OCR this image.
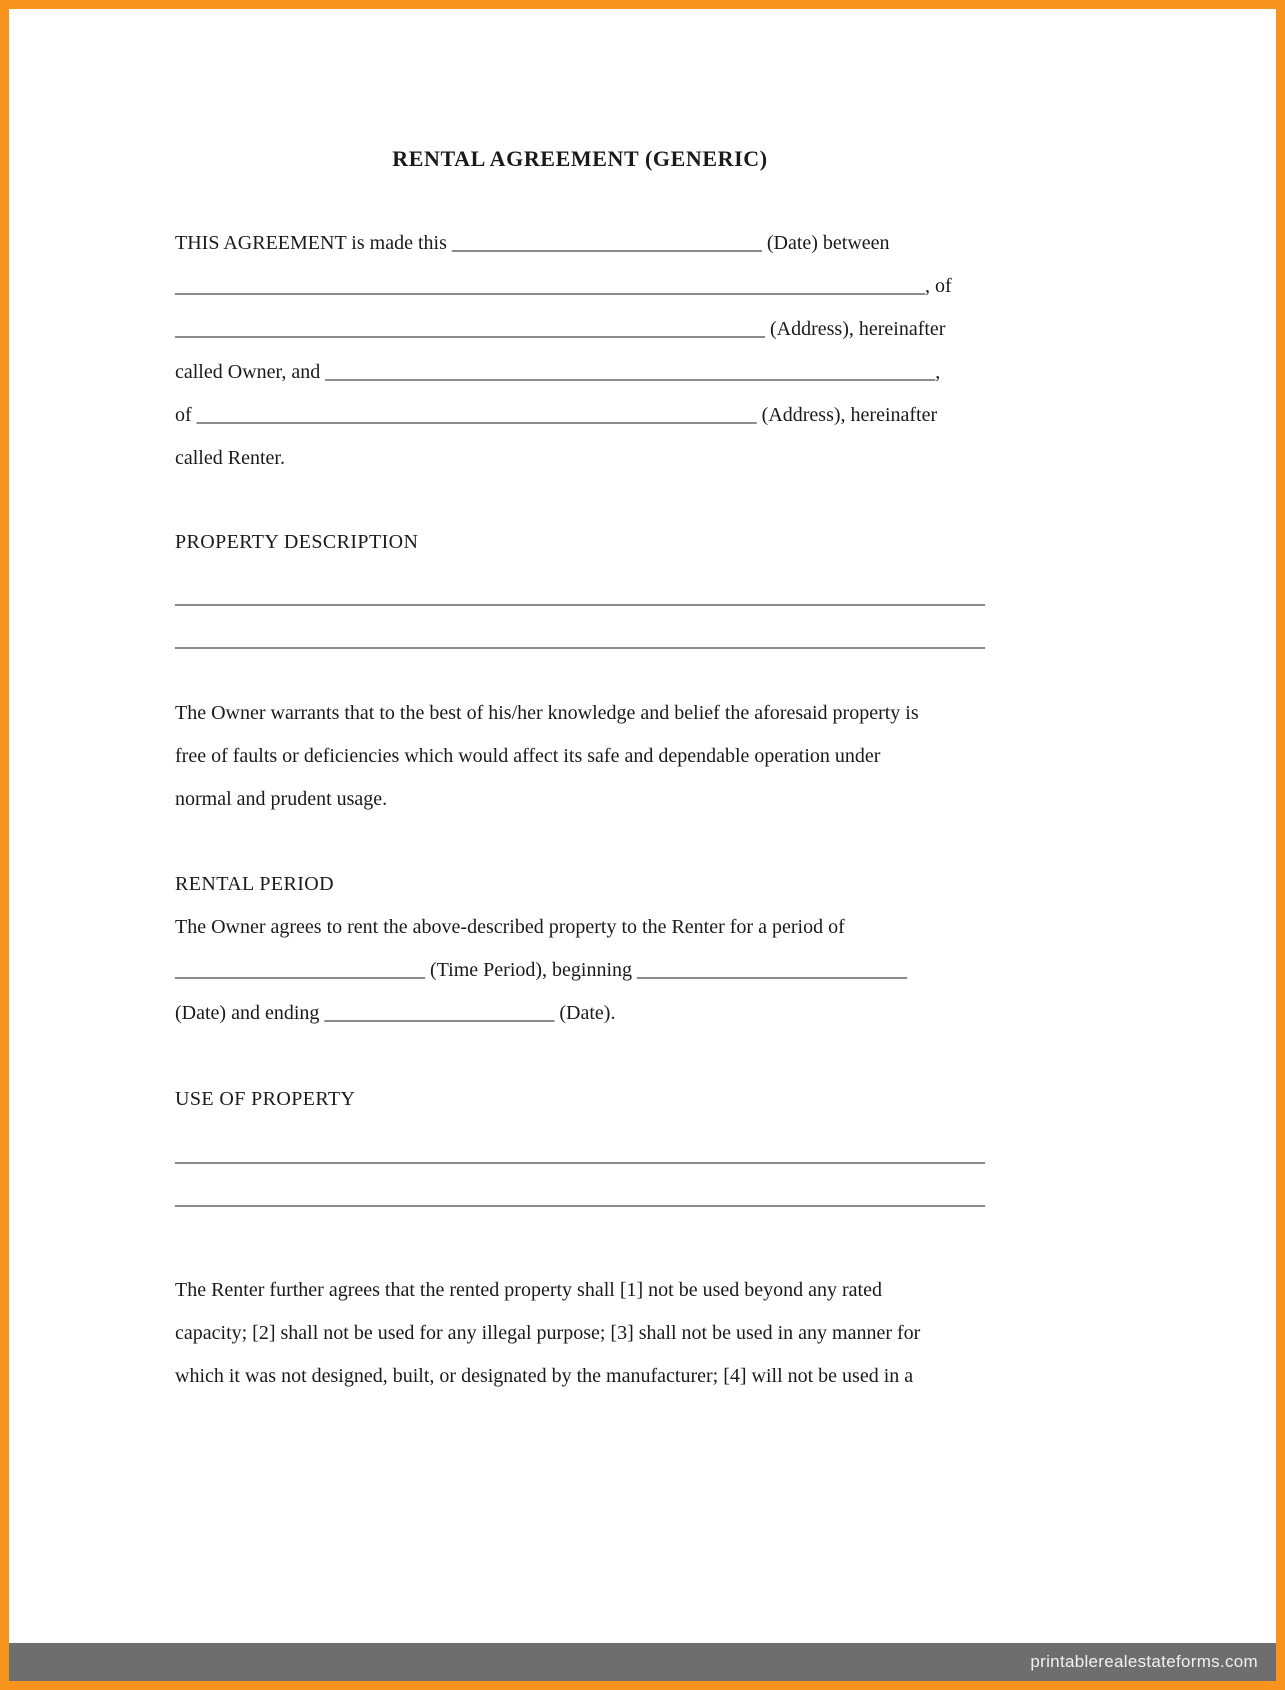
RENTAL AGREEMENT (GENERIC)
THIS AGREEMENT is made this _______________________________ (Date) between
___________________________________________________________________________, of
___________________________________________________________ (Address), hereinafter
called Owner, and _____________________________________________________________,
of ________________________________________________________ (Address), hereinafter
called Renter.
PROPERTY DESCRIPTION
_________________________________________________________________________________
_________________________________________________________________________________
The Owner warrants that to the best of his/her knowledge and belief the aforesaid property is
free of faults or deficiencies which would affect its safe and dependable operation under
normal and prudent usage.
RENTAL PERIOD
The Owner agrees to rent the above-described property to the Renter for a period of
_________________________ (Time Period), beginning ___________________________
(Date) and ending _______________________ (Date).
USE OF PROPERTY
_________________________________________________________________________________
_________________________________________________________________________________
The Renter further agrees that the rented property shall [1] not be used beyond any rated
capacity; [2] shall not be used for any illegal purpose; [3] shall not be used in any manner for
which it was not designed, built, or designated by the manufacturer; [4] will not be used in a
printablerealestateforms.com
